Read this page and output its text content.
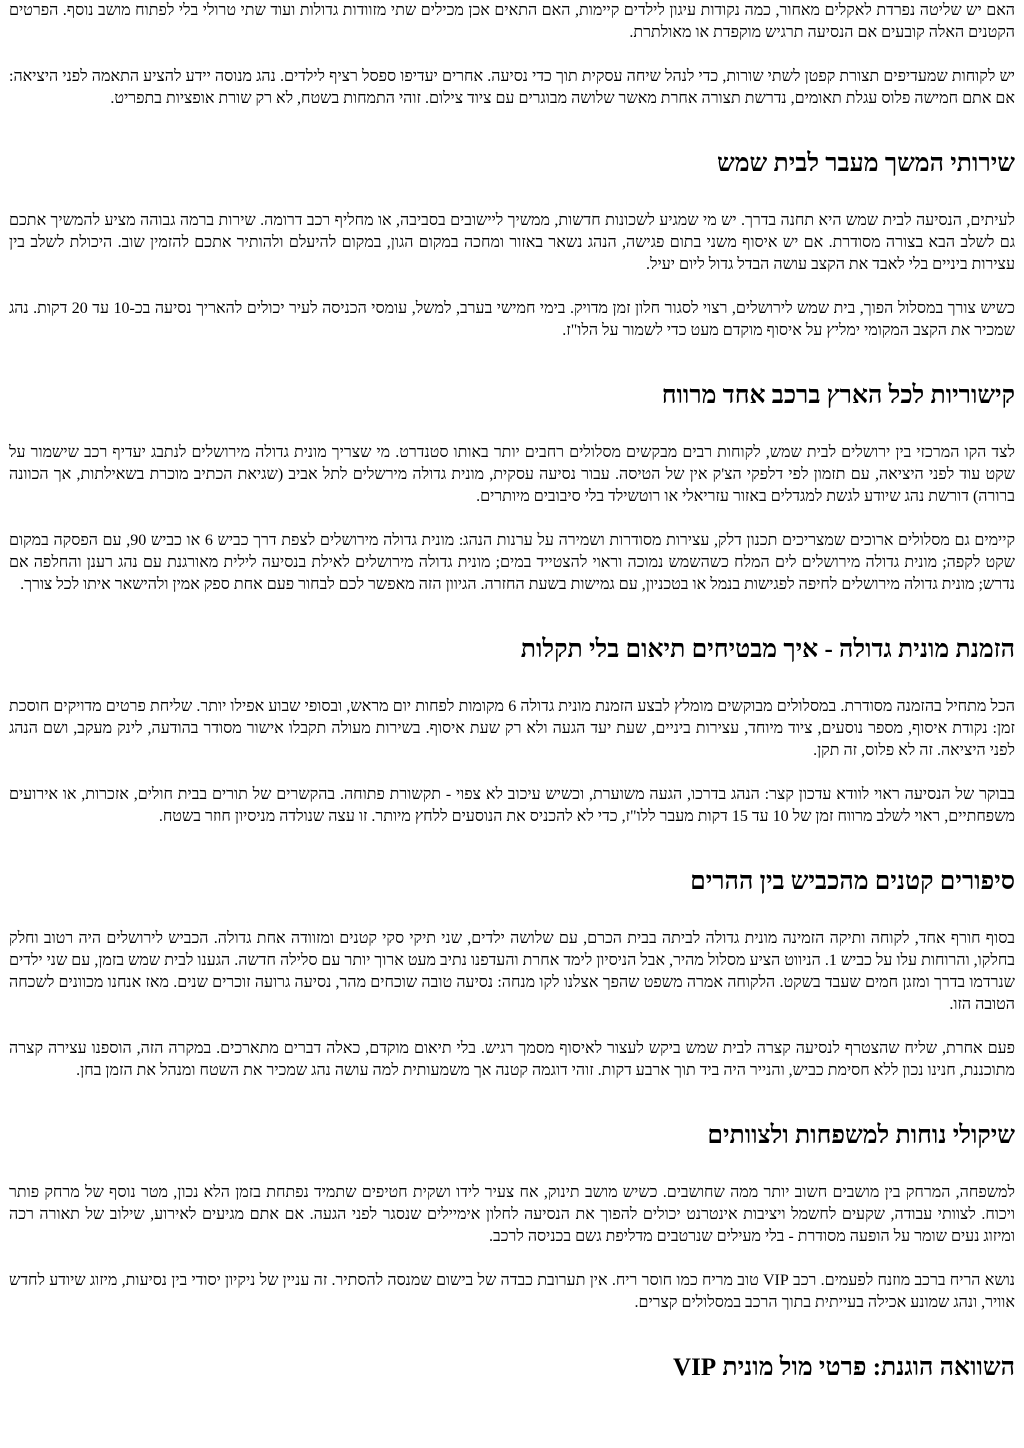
האם יש שליטה נפרדת לאקלים מאחור, כמה נקודות עיגון לילדים קיימות, האם התאים אכן מכילים שתי מזוודות גדולות ועוד שתי טרולי בלי לפתוח מושב נוסף. הפרטים הקטנים האלה קובעים אם הנסיעה תרגיש מוקפדת או מאולתרת.

יש לקוחות שמעדיפים תצורת קפטן לשתי שורות, כדי לנהל שיחה עסקית תוך כדי נסיעה. אחרים יעדיפו ספסל רציף לילדים. נהג מנוסה יידע להציע התאמה לפני היציאה: אם אתם חמישה פלוס עגלת תאומים, נדרשת תצורה אחרת מאשר שלושה מבוגרים עם ציוד צילום. זוהי התמחות בשטח, לא רק שורת אופציות בתפריט.

שירותי המשך מעבר לבית שמש

לעיתים, הנסיעה לבית שמש היא תחנה בדרך. יש מי שמגיע לשכונות חדשות, ממשיך ליישובים בסביבה, או מחליף רכב דרומה. שירות ברמה גבוהה מציע להמשיך אתכם גם לשלב הבא בצורה מסודרת. אם יש איסוף משני בתום פגישה, הנהג נשאר באזור ומחכה במקום הגון, במקום להיעלם ולהותיר אתכם להזמין שוב. היכולת לשלב בין עצירות ביניים בלי לאבד את הקצב עושה הבדל גדול ליום יעיל.

כשיש צורך במסלול הפוך, בית שמש לירושלים, רצוי לסגור חלון זמן מדויק. בימי חמישי בערב, למשל, עומסי הכניסה לעיר יכולים להאריך נסיעה בכ-10 עד 20 דקות. נהג שמכיר את הקצב המקומי ימליץ על איסוף מוקדם מעט כדי לשמור על הלו"ז.

קישוריות לכל הארץ ברכב אחד מרווח

לצד הקו המרכזי בין ירושלים לבית שמש, לקוחות רבים מבקשים מסלולים רחבים יותר באותו סטנדרט. מי שצריך מונית גדולה מירושלים לנתבג יעדיף רכב שישמור על שקט עוד לפני היציאה, עם תזמון לפי דלפקי הצ'ק אין של הטיסה. עבור נסיעה עסקית, מונית גדולה מירשלים לתל אביב (שגיאת הכתיב מוכרת בשאילתות, אך הכוונה ברורה) דורשת נהג שיודע לגשת למגדלים באזור עזריאלי או רוטשילד בלי סיבובים מיותרים.

קיימים גם מסלולים ארוכים שמצריכים תכנון דלק, עצירות מסודרות ושמירה על ערנות הנהג: מונית גדולה מירושלים לצפת דרך כביש 6 או כביש 90, עם הפסקה במקום שקט לקפה; מונית גדולה מירושלים לים המלח כשהשמש נמוכה וראוי להצטייד במים; מונית גדולה מירושלים לאילת בנסיעה לילית מאורגנת עם נהג רענן והחלפה אם נדרש; מונית גדולה מירושלים לחיפה לפגישות בנמל או בטכניון, עם גמישות בשעת החזרה. הגיוון הזה מאפשר לכם לבחור פעם אחת ספק אמין ולהישאר איתו לכל צורך.

הזמנת מונית גדולה - איך מבטיחים תיאום בלי תקלות

הכל מתחיל בהזמנה מסודרת. במסלולים מבוקשים מומלץ לבצע הזמנת מונית גדולה 6 מקומות לפחות יום מראש, ובסופי שבוע אפילו יותר. שליחת פרטים מדויקים חוסכת זמן: נקודת איסוף, מספר נוסעים, ציוד מיוחד, עצירות ביניים, שעת יעד הגעה ולא רק שעת איסוף. בשירות מעולה תקבלו אישור מסודר בהודעה, לינק מעקב, ושם הנהג לפני היציאה. זה לא פלוס, זה תקן.

בבוקר של הנסיעה ראוי לוודא עדכון קצר: הנהג בדרכו, הגעה משוערת, וכשיש עיכוב לא צפוי - תקשורת פתוחה. בהקשרים של תורים בבית חולים, אזכרות, או אירועים משפחתיים, ראוי לשלב מרווח זמן של 10 עד 15 דקות מעבר ללו"ז, כדי לא להכניס את הנוסעים ללחץ מיותר. זו עצה שנולדה מניסיון חוזר בשטח.

סיפורים קטנים מהכביש בין ההרים

בסוף חורף אחד, לקוחה ותיקה הזמינה מונית גדולה לביתה בבית הכרם, עם שלושה ילדים, שני תיקי סקי קטנים ומזוודה אחת גדולה. הכביש לירושלים היה רטוב וחלק בחלקו, והרוחות עלו על כביש 1. הניווט הציע מסלול מהיר, אבל הניסיון לימד אחרת והעדפנו נתיב מעט ארוך יותר עם סלילה חדשה. הגענו לבית שמש בזמן, עם שני ילדים שנרדמו בדרך ומזגן חמים שעבד בשקט. הלקוחה אמרה משפט שהפך אצלנו לקו מנחה: נסיעה טובה שוכחים מהר, נסיעה גרועה זוכרים שנים. מאז אנחנו מכוונים לשכחה הטובה הזו.

פעם אחרת, שליח שהצטרף לנסיעה קצרה לבית שמש ביקש לעצור לאיסוף מסמך רגיש. בלי תיאום מוקדם, כאלה דברים מתארכים. במקרה הזה, הוספנו עצירה קצרה מתוכננת, חנינו נכון ללא חסימת כביש, והנייר היה ביד תוך ארבע דקות. זוהי דוגמה קטנה אך משמעותית למה עושה נהג שמכיר את השטח ומנהל את הזמן בחן.

שיקולי נוחות למשפחות ולצוותים

למשפחה, המרחק בין מושבים חשוב יותר ממה שחושבים. כשיש מושב תינוק, אח צעיר לידו ושקית חטיפים שתמיד נפתחת בזמן הלא נכון, מטר נוסף של מרחק פותר ויכוח. לצוותי עבודה, שקעים לחשמל ויציבות אינטרנט יכולים להפוך את הנסיעה לחלון אימיילים שנסגר לפני הגעה. אם אתם מגיעים לאירוע, שילוב של תאורה רכה ומיזוג נעים שומר על הופעה מסודרת - בלי מעילים שנרטבים מדליפת גשם בכניסה לרכב.

נושא הריח ברכב מוזנח לפעמים. רכב VIP טוב מריח כמו חוסר ריח. אין תערובת כבדה של בישום שמנסה להסתיר. זה עניין של ניקיון יסודי בין נסיעות, מיזוג שיודע לחדש אוויר, ונהג שמונע אכילה בעייתית בתוך הרכב במסלולים קצרים.

השוואה הוגנת: פרטי מול מונית VIP
